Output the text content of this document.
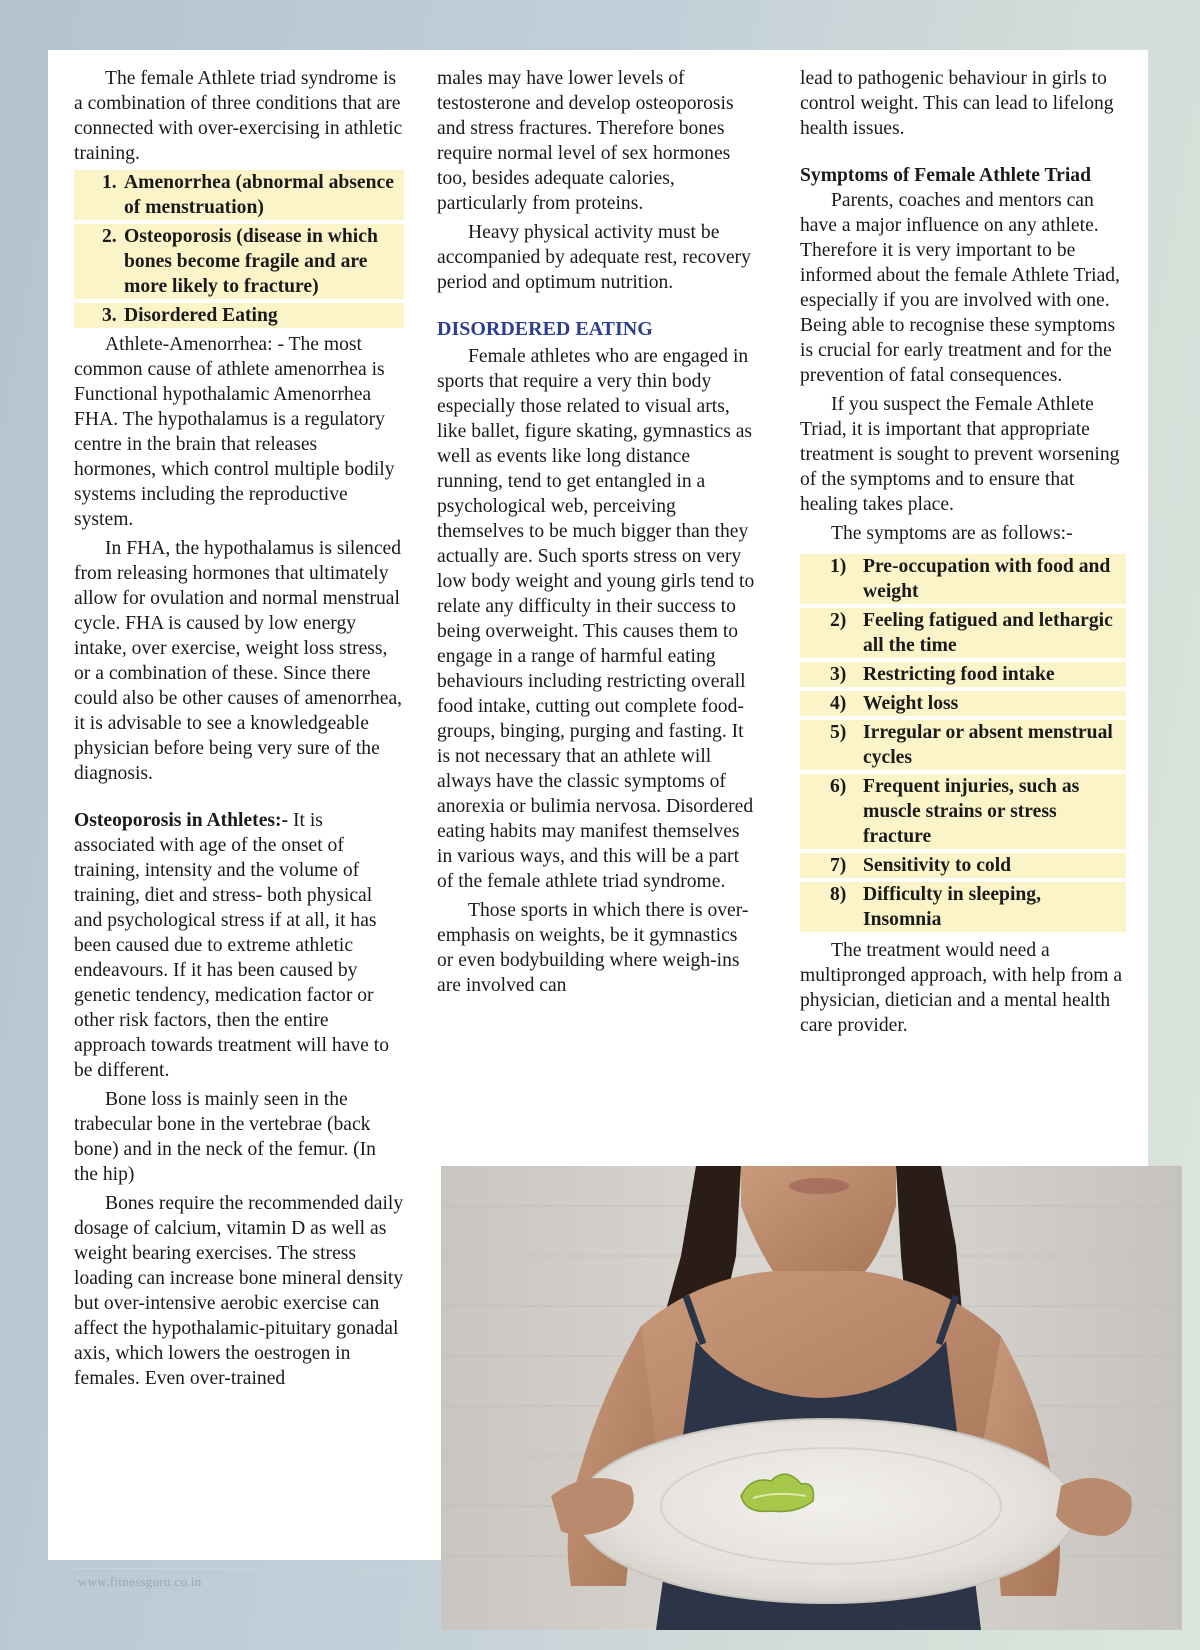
The female Athlete triad syndrome is a combination of three conditions that are connected with over-exercising in athletic training.

1. Amenorrhea (abnormal absence of menstruation)
2. Osteoporosis (disease in which bones become fragile and are more likely to fracture)
3. Disordered Eating

Athlete-Amenorrhea: - The most common cause of athlete amenorrhea is Functional hypothalamic Amenorrhea FHA. The hypothalamus is a regulatory centre in the brain that releases hormones, which control multiple bodily systems including the reproductive system.

In FHA, the hypothalamus is silenced from releasing hormones that ultimately allow for ovulation and normal menstrual cycle. FHA is caused by low energy intake, over exercise, weight loss stress, or a combination of these. Since there could also be other causes of amenorrhea, it is advisable to see a knowledgeable physician before being very sure of the diagnosis.

Osteoporosis in Athletes:- It is associated with age of the onset of training, intensity and the volume of training, diet and stress- both physical and psychological stress if at all, it has been caused due to extreme athletic endeavours. If it has been caused by genetic tendency, medication factor or other risk factors, then the entire approach towards treatment will have to be different.

Bone loss is mainly seen in the trabecular bone in the vertebrae (back bone) and in the neck of the femur. (In the hip)

Bones require the recommended daily dosage of calcium, vitamin D as well as weight bearing exercises. The stress loading can increase bone mineral density but over-intensive aerobic exercise can affect the hypothalamic-pituitary gonadal axis, which lowers the oestrogen in females. Even over-trained

males may have lower levels of testosterone and develop osteoporosis and stress fractures. Therefore bones require normal level of sex hormones too, besides adequate calories, particularly from proteins.

Heavy physical activity must be accompanied by adequate rest, recovery period and optimum nutrition.

DISORDERED EATING

Female athletes who are engaged in sports that require a very thin body especially those related to visual arts, like ballet, figure skating, gymnastics as well as events like long distance running, tend to get entangled in a psychological web, perceiving themselves to be much bigger than they actually are. Such sports stress on very low body weight and young girls tend to relate any difficulty in their success to being overweight. This causes them to engage in a range of harmful eating behaviours including restricting overall food intake, cutting out complete food-groups, binging, purging and fasting. It is not necessary that an athlete will always have the classic symptoms of anorexia or bulimia nervosa. Disordered eating habits may manifest themselves in various ways, and this will be a part of the female athlete triad syndrome.

Those sports in which there is over-emphasis on weights, be it gymnastics or even bodybuilding where weigh-ins are involved can

lead to pathogenic behaviour in girls to control weight. This can lead to lifelong health issues.

Symptoms of Female Athlete Triad

Parents, coaches and mentors can have a major influence on any athlete. Therefore it is very important to be informed about the female Athlete Triad, especially if you are involved with one. Being able to recognise these symptoms is crucial for early treatment and for the prevention of fatal consequences.

If you suspect the Female Athlete Triad, it is important that appropriate treatment is sought to prevent worsening of the symptoms and to ensure that healing takes place.

The symptoms are as follows:-

1) Pre-occupation with food and weight
2) Feeling fatigued and lethargic all the time
3) Restricting food intake
4) Weight loss
5) Irregular or absent menstrual cycles
6) Frequent injuries, such as muscle strains or stress fracture
7) Sensitivity to cold
8) Difficulty in sleeping, Insomnia

The treatment would need a multipronged approach, with help from a physician, dietician and a mental health care provider.

www.fitnessguru.co.in
